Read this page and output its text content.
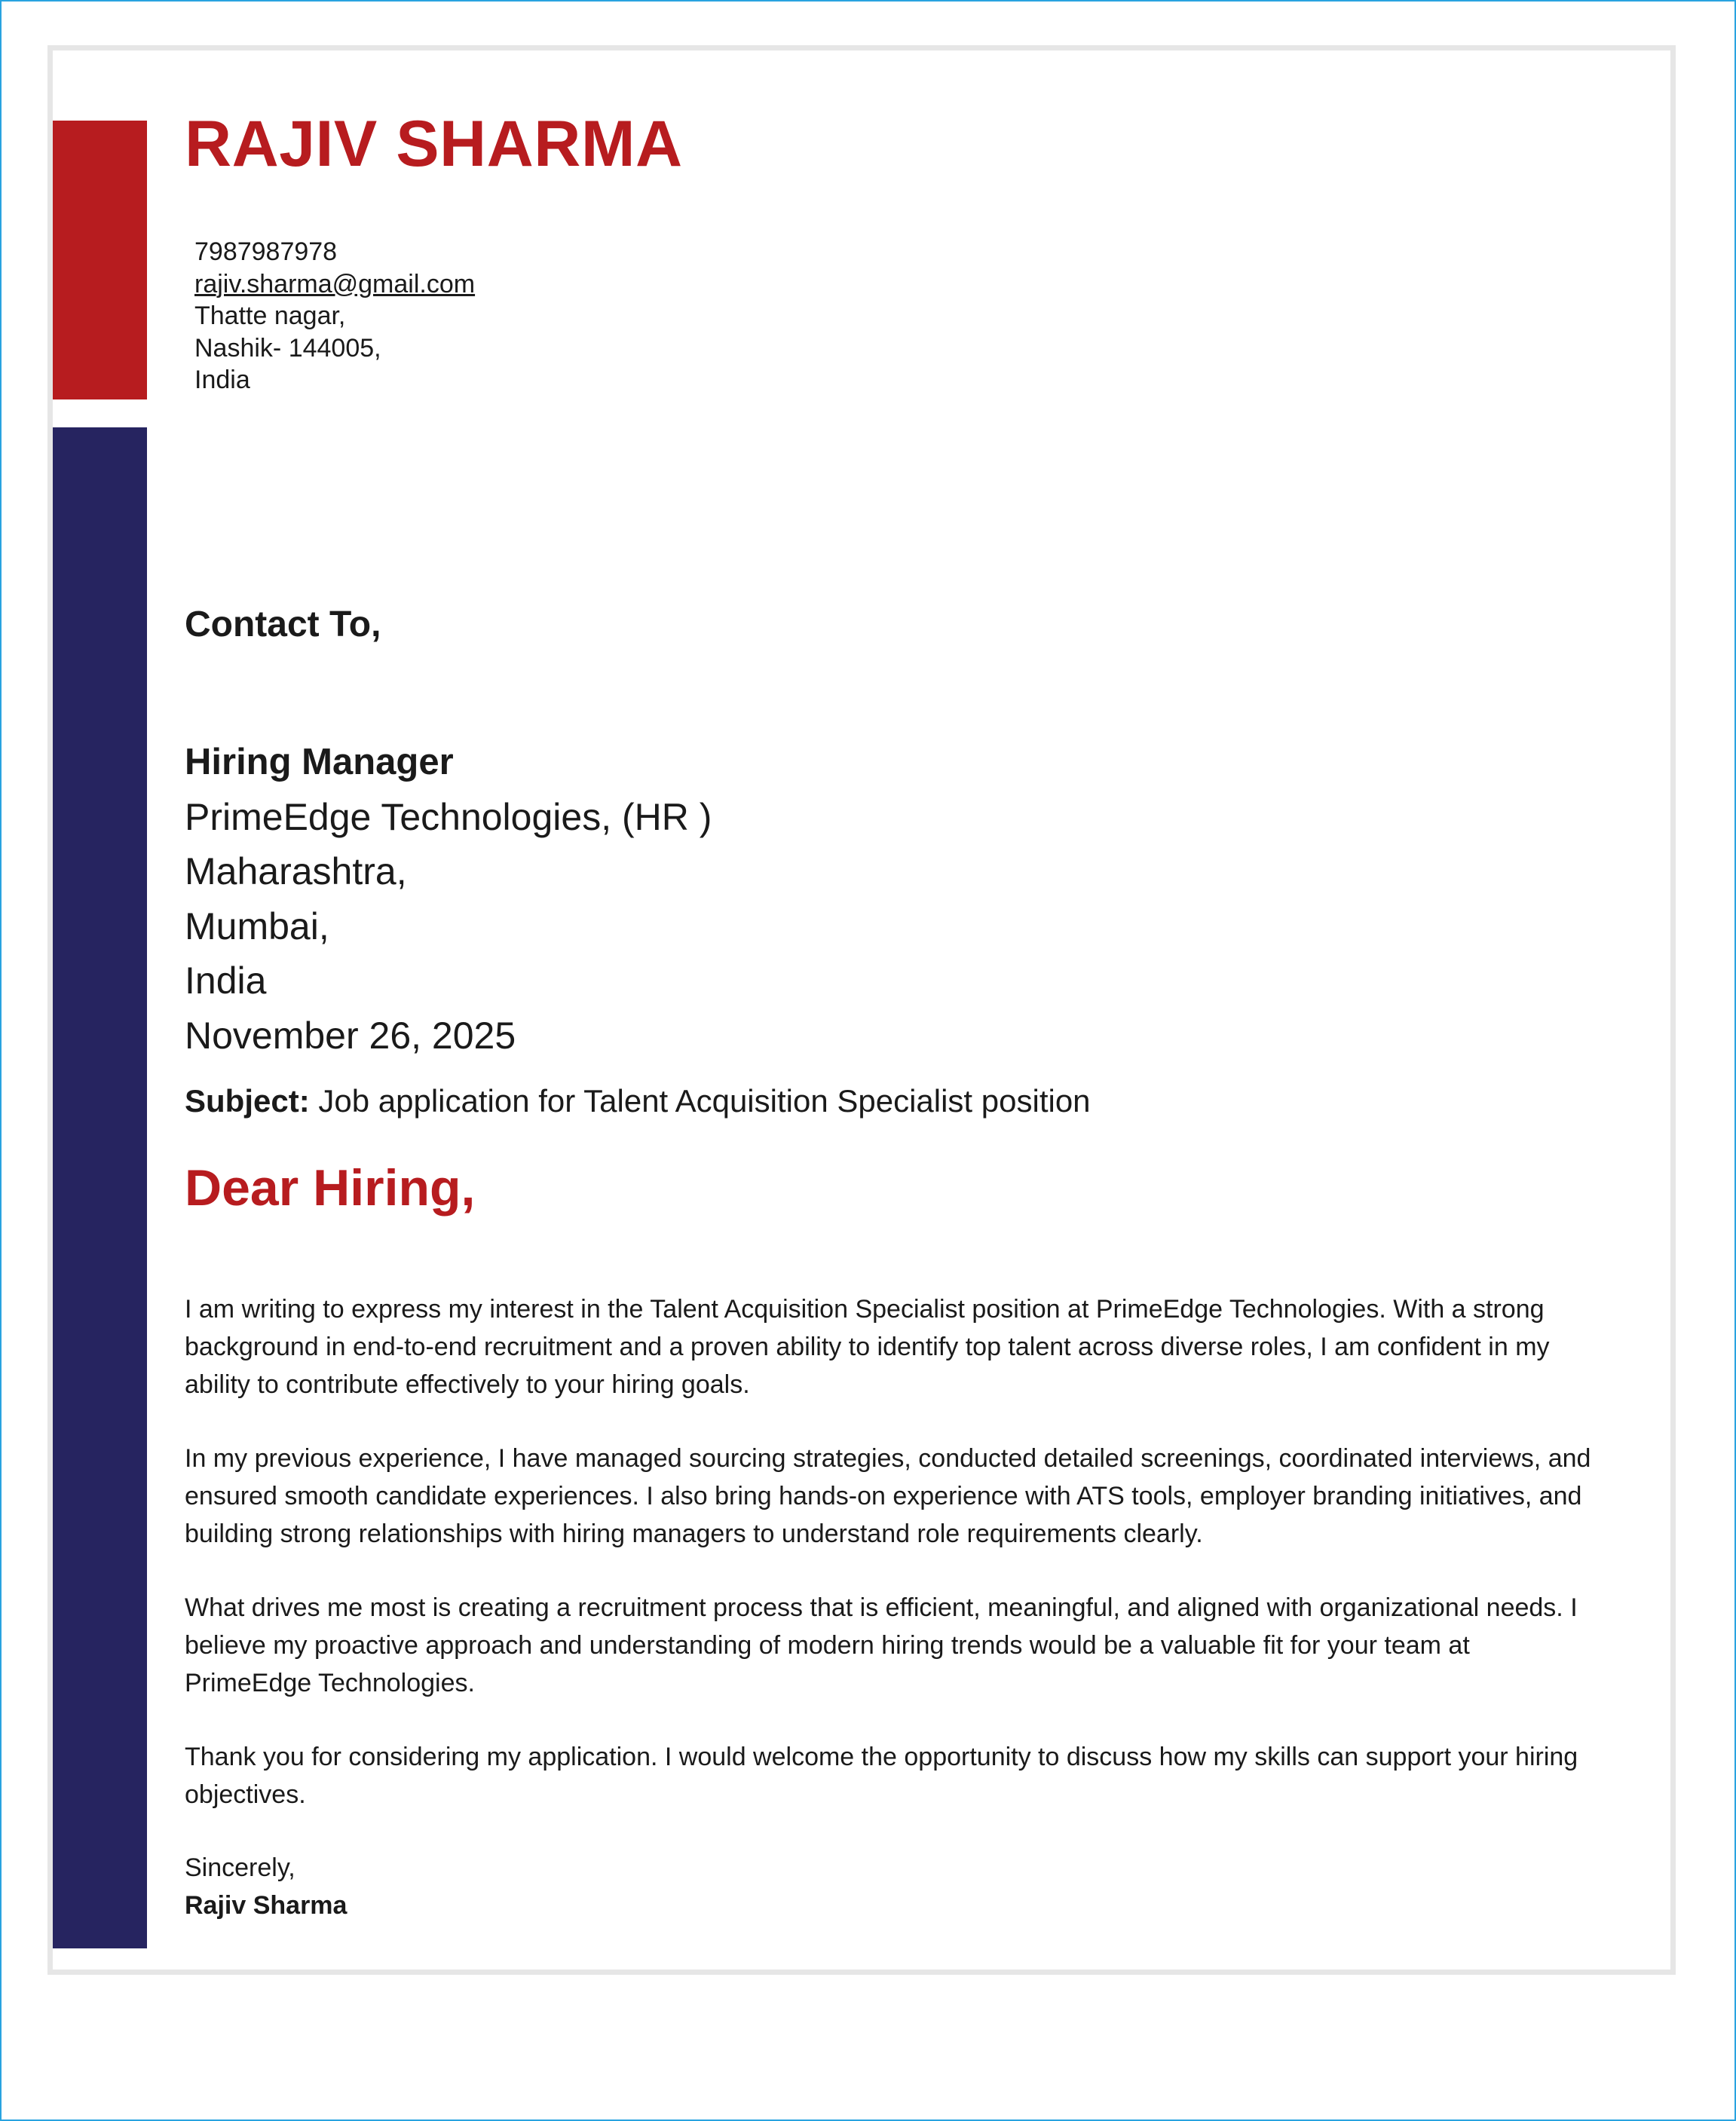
RAJIV SHARMA
7987987978
rajiv.sharma@gmail.com
Thatte nagar,
Nashik- 144005,
India
Contact To,
Hiring Manager
PrimeEdge Technologies, (HR )
Maharashtra,
Mumbai,
India
November 26, 2025
Subject: Job application for Talent Acquisition Specialist position
Dear Hiring,

I am writing to express my interest in the Talent Acquisition Specialist position at PrimeEdge Technologies. With a strong
background in end-to-end recruitment and a proven ability to identify top talent across diverse roles, I am confident in my
ability to contribute effectively to your hiring goals.

In my previous experience, I have managed sourcing strategies, conducted detailed screenings, coordinated interviews, and
ensured smooth candidate experiences. I also bring hands-on experience with ATS tools, employer branding initiatives, and
building strong relationships with hiring managers to understand role requirements clearly.

What drives me most is creating a recruitment process that is efficient, meaningful, and aligned with organizational needs. I
believe my proactive approach and understanding of modern hiring trends would be a valuable fit for your team at
PrimeEdge Technologies.

Thank you for considering my application. I would welcome the opportunity to discuss how my skills can support your hiring
objectives.

Sincerely,
Rajiv Sharma
